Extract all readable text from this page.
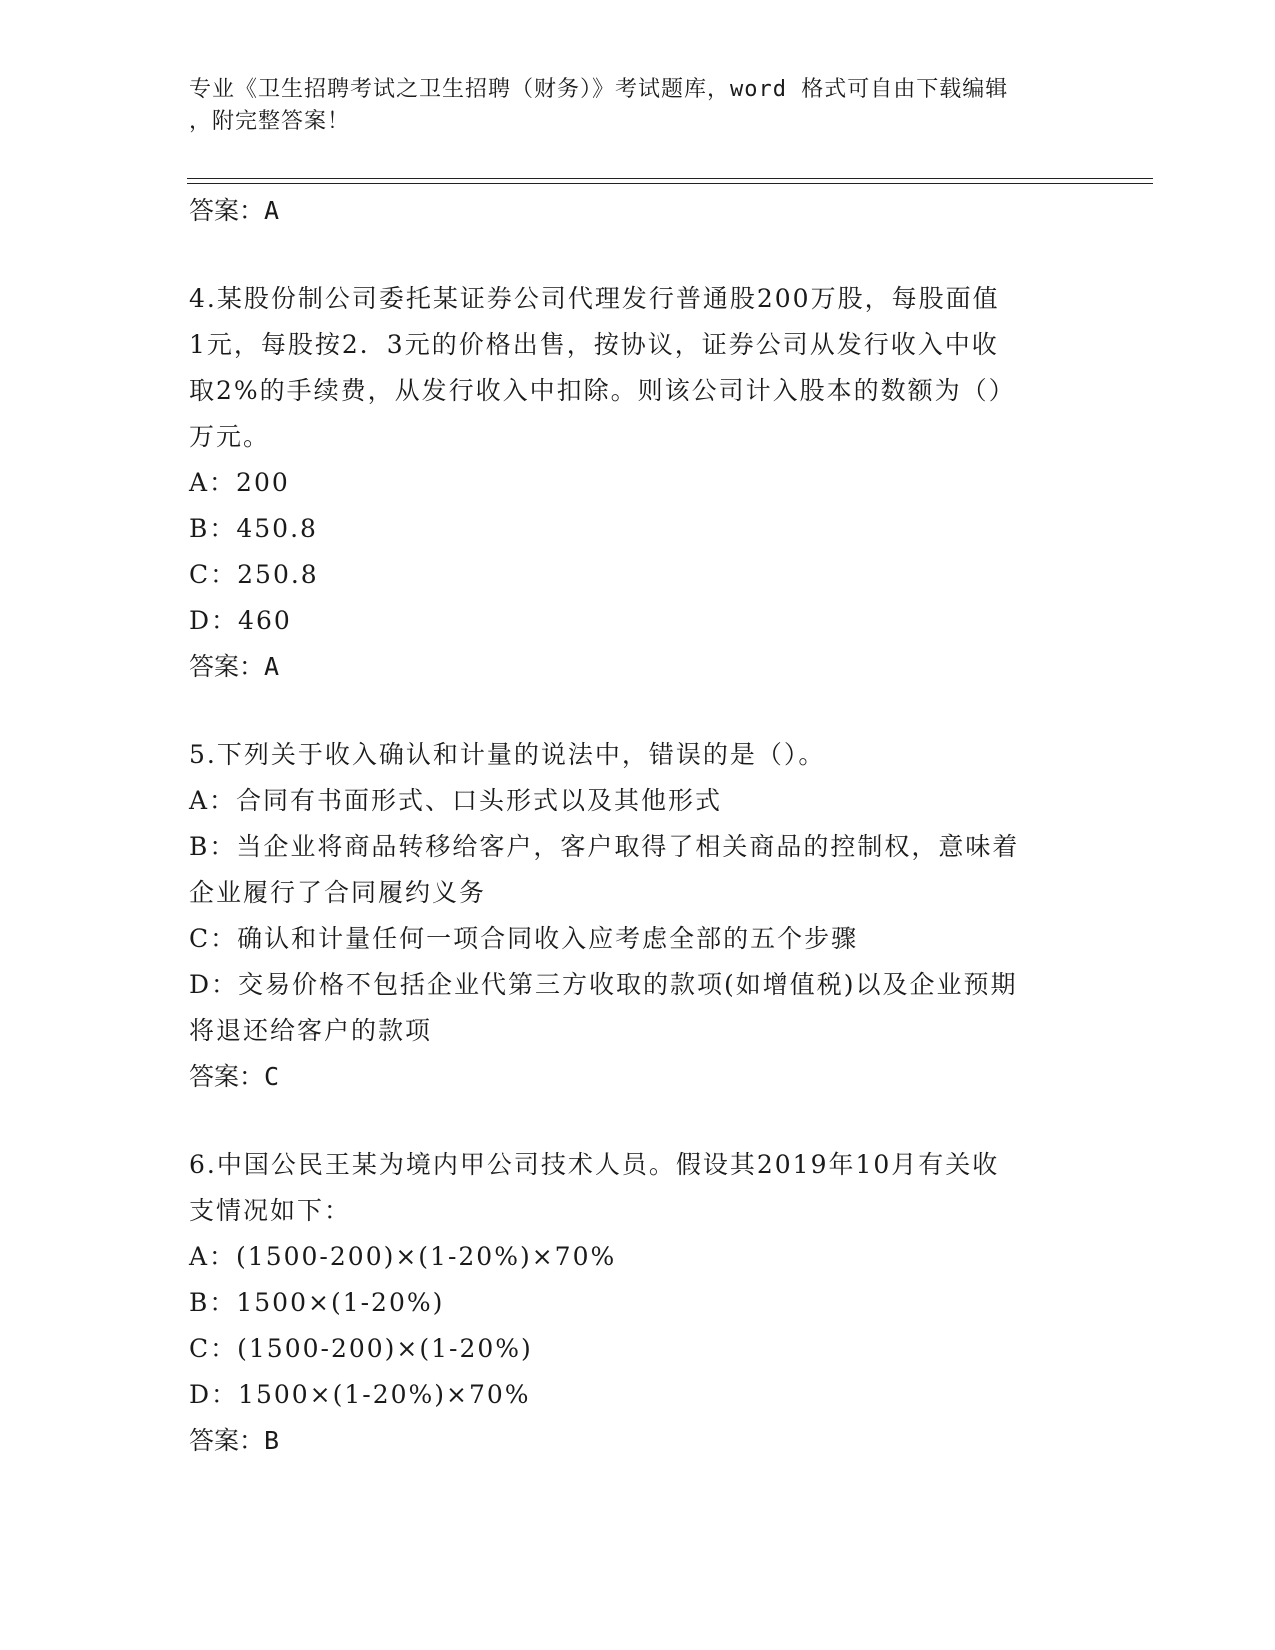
专业《卫生招聘考试之卫生招聘（财务）》考试题库，word 格式可自由下载编辑
，附完整答案！
答案：A
4.某股份制公司委托某证券公司代理发行普通股200万股，每股面值
1元，每股按2．3元的价格出售，按协议，证券公司从发行收入中收
取2%的手续费，从发行收入中扣除。则该公司计入股本的数额为（）
万元。
A：200
B：450.8
C：250.8
D：460
答案：A
5.下列关于收入确认和计量的说法中，错误的是（）。
A：合同有书面形式、口头形式以及其他形式
B：当企业将商品转移给客户，客户取得了相关商品的控制权，意味着
企业履行了合同履约义务
C：确认和计量任何一项合同收入应考虑全部的五个步骤
D：交易价格不包括企业代第三方收取的款项(如增值税)以及企业预期
将退还给客户的款项
答案：C
6.中国公民王某为境内甲公司技术人员。假设其2019年10月有关收
支情况如下：
A：(1500-200)×(1-20%)×70%
B：1500×(1-20%)
C：(1500-200)×(1-20%)
D：1500×(1-20%)×70%
答案：B
